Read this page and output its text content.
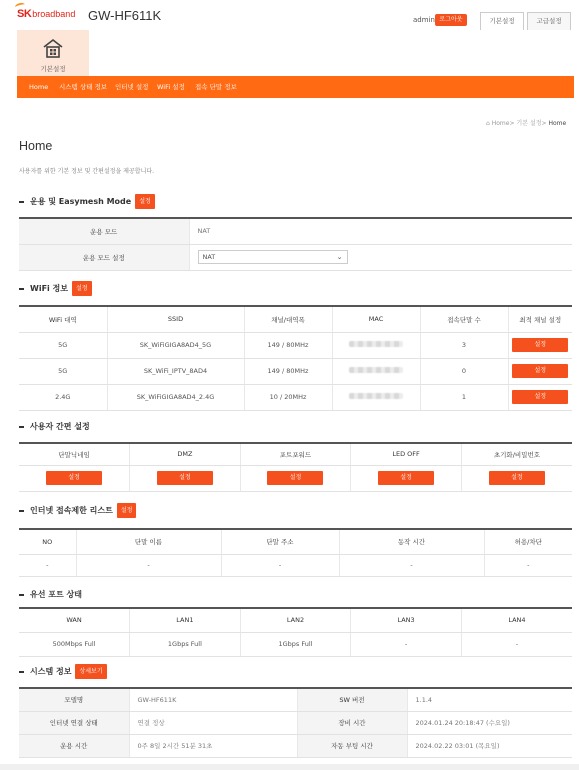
SK broadband GW-HF611K	admin 로그아웃	기본설정	고급설정
기본설정
Home 시스템 상태 정보 인터넷 설정 WiFi 설정 접속 단말 정보
⌂ Home> 기본 설정> Home
Home
사용자를 위한 기본 정보 및 간편설정을 제공합니다.
운용 및 Easymesh Mode	설정
운용 모드	NAT
운용 모드 설정	NAT ⌄
WiFi 정보	설정
WiFi 대역	SSID	채널/대역폭	MAC	접속단말 수	최적 채널 설정
5G	SK_WiFiGIGA8AD4_5G	149 / 80MHz		3	설정
5G	SK_WiFi_IPTV_8AD4	149 / 80MHz		0	설정
2.4G	SK_WiFiGIGA8AD4_2.4G	10 / 20MHz		1	설정
사용자 간편 설정
단말닉네임	DMZ	포트포워드	LED OFF	초기화/비밀번호
설정	설정	설정	설정	설정
인터넷 접속제한 리스트	설정
NO	단말 이름	단말 주소	동작 시간	허용/차단
-	-	-	-	-
유선 포트 상태
WAN	LAN1	LAN2	LAN3	LAN4
500Mbps Full	1Gbps Full	1Gbps Full	-	-
시스템 정보	상세보기
모델명	GW-HF611K	SW 버전	1.1.4
인터넷 연결 상태	연결 정상	장비 시간	2024.01.24 20:18:47 (수요일)
운용 시간	0주 8일 2시간 51분 31초	자동 부팅 시간	2024.02.22 03:01 (목요일)
